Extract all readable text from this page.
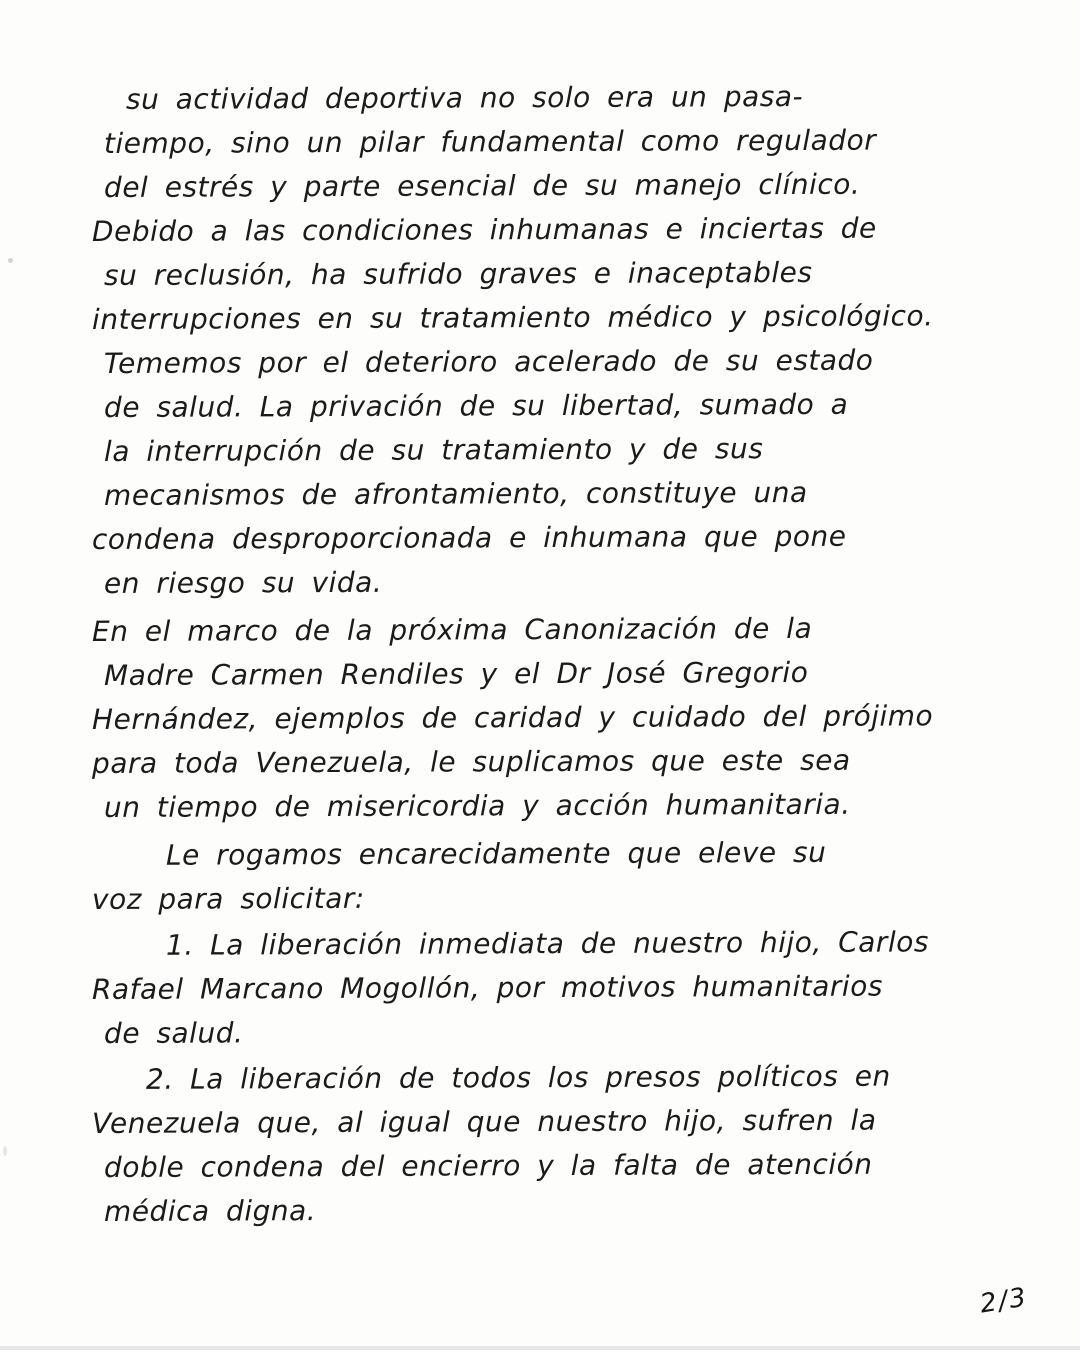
su actividad deportiva no solo era un pasa-
tiempo, sino un pilar fundamental como regulador
del estrés y parte esencial de su manejo clínico.
Debido a las condiciones inhumanas e inciertas de
su reclusión, ha sufrido graves e inaceptables
interrupciones en su tratamiento médico y psicológico.
Tememos por el deterioro acelerado de su estado
de salud. La privación de su libertad, sumado a
la interrupción de su tratamiento y de sus
mecanismos de afrontamiento, constituye una
condena desproporcionada e inhumana que pone
en riesgo su vida.
En el marco de la próxima Canonización de la
Madre Carmen Rendiles y el Dr José Gregorio
Hernández, ejemplos de caridad y cuidado del prójimo
para toda Venezuela, le suplicamos que este sea
un tiempo de misericordia y acción humanitaria.
Le rogamos encarecidamente que eleve su
voz para solicitar:
1. La liberación inmediata de nuestro hijo, Carlos
Rafael Marcano Mogollón, por motivos humanitarios
de salud.
2. La liberación de todos los presos políticos en
Venezuela que, al igual que nuestro hijo, sufren la
doble condena del encierro y la falta de atención
médica digna.
2/3
